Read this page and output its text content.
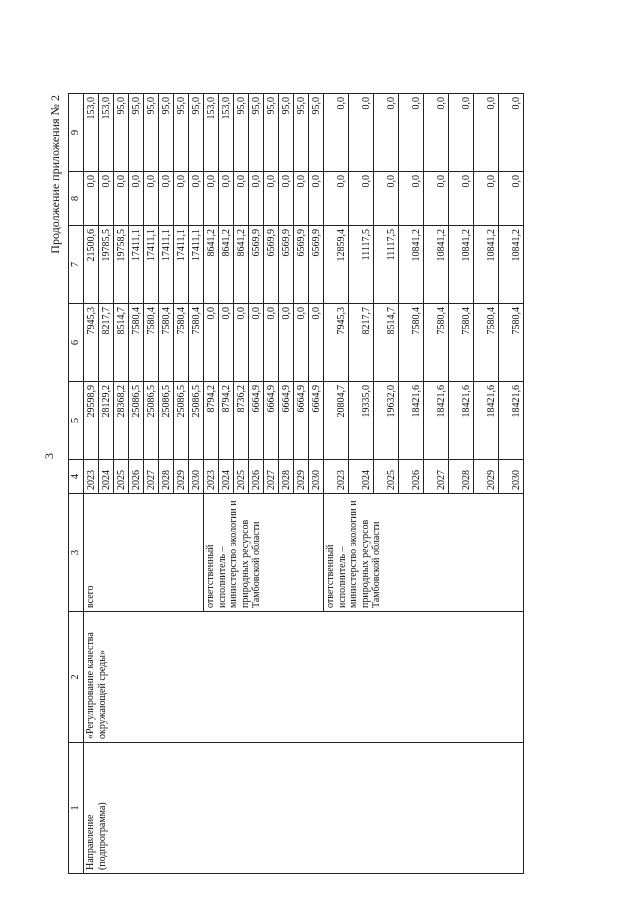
3
Продолжение приложения № 2
1	2	3	4	5	6	7	8	9
Направление (подпрограмма)	«Регулирование качества окружающей среды»	всего	2023	29598,9	7945,3	21500,6	0,0	153,0
			2024	28129,2	8217,7	19785,5	0,0	153,0
			2025	28368,2	8514,7	19758,5	0,0	95,0
			2026	25086,5	7580,4	17411,1	0,0	95,0
			2027	25086,5	7580,4	17411,1	0,0	95,0
			2028	25086,5	7580,4	17411,1	0,0	95,0
			2029	25086,5	7580,4	17411,1	0,0	95,0
			2030	25086,5	7580,4	17411,1	0,0	95,0
		ответственный исполнитель – министерство экологии и природных ресурсов Тамбовской области	2023	8794,2	0,0	8641,2	0,0	153,0
			2024	8794,2	0,0	8641,2	0,0	153,0
			2025	8736,2	0,0	8641,2	0,0	95,0
			2026	6664,9	0,0	6569,9	0,0	95,0
			2027	6664,9	0,0	6569,9	0,0	95,0
			2028	6664,9	0,0	6569,9	0,0	95,0
			2029	6664,9	0,0	6569,9	0,0	95,0
			2030	6664,9	0,0	6569,9	0,0	95,0
		ответственный исполнитель – министерство экологии и природных ресурсов Тамбовской области	2023	20804,7	7945,3	12859,4	0,0	0,0
			2024	19335,0	8217,7	11117,5	0,0	0,0
			2025	19632,0	8514,7	11117,5	0,0	0,0
			2026	18421,6	7580,4	10841,2	0,0	0,0
			2027	18421,6	7580,4	10841,2	0,0	0,0
			2028	18421,6	7580,4	10841,2	0,0	0,0
			2029	18421,6	7580,4	10841,2	0,0	0,0
			2030	18421,6	7580,4	10841,2	0,0	0,0
